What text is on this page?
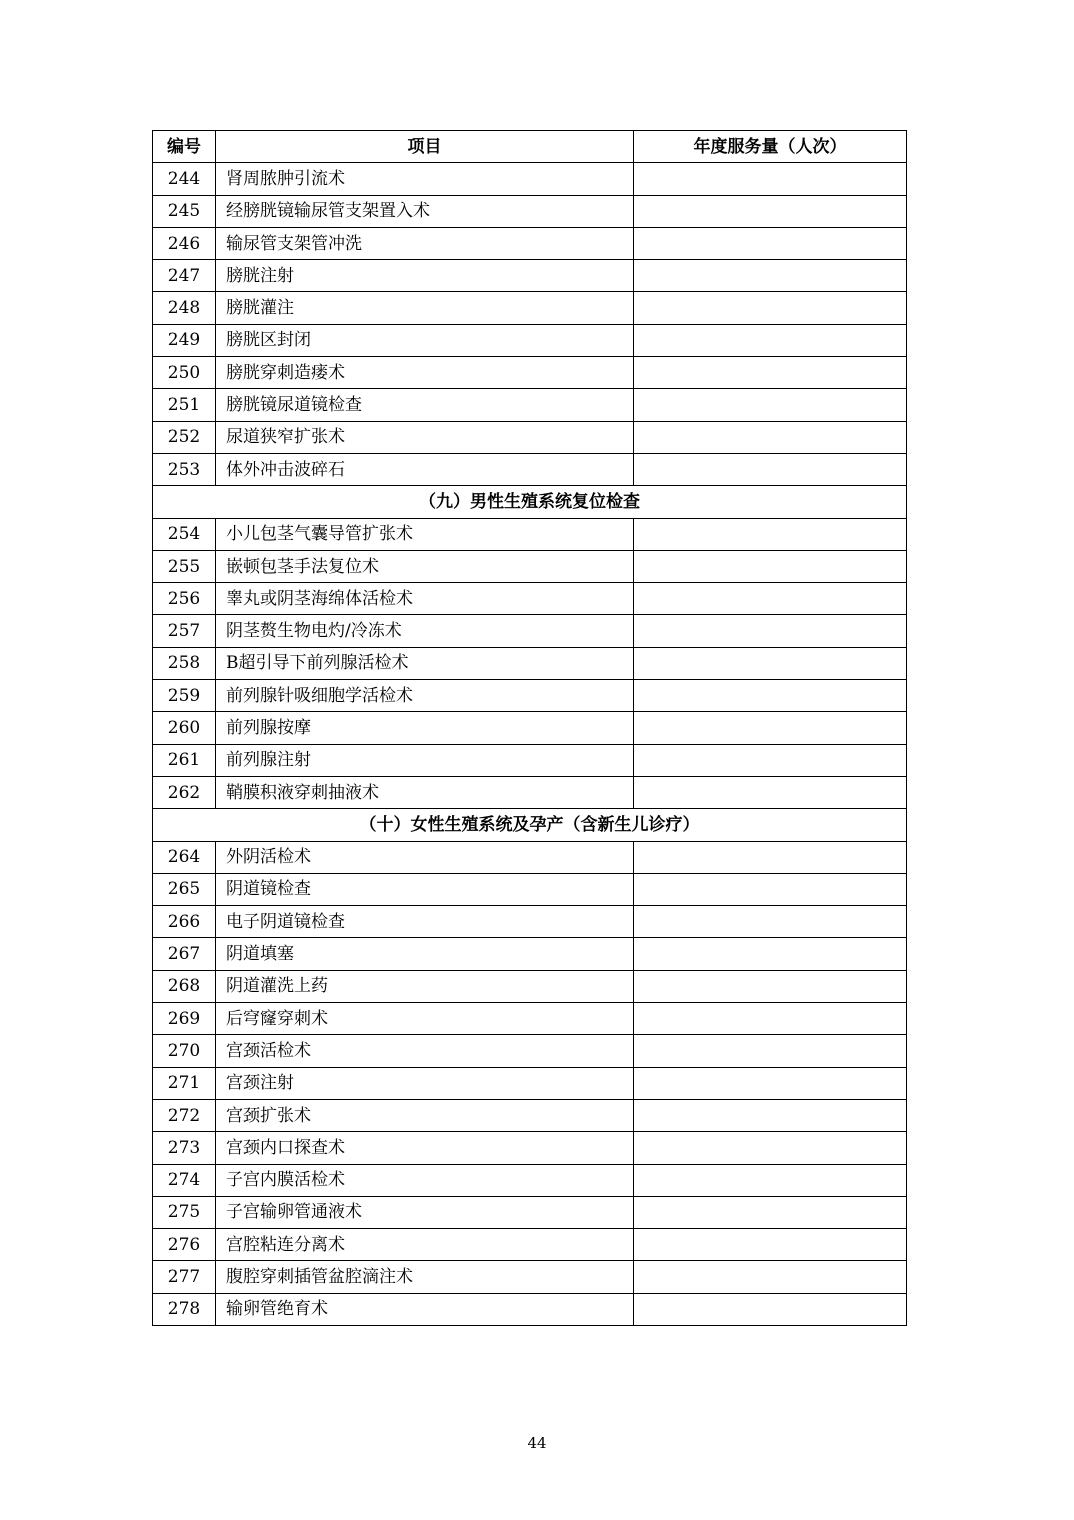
编号	项目	年度服务量（人次）
244	肾周脓肿引流术	
245	经膀胱镜输尿管支架置入术	
246	输尿管支架管冲洗	
247	膀胱注射	
248	膀胱灌注	
249	膀胱区封闭	
250	膀胱穿刺造瘘术	
251	膀胱镜尿道镜检查	
252	尿道狭窄扩张术	
253	体外冲击波碎石	
（九）男性生殖系统复位检查		
254	小儿包茎气囊导管扩张术	
255	嵌顿包茎手法复位术	
256	睾丸或阴茎海绵体活检术	
257	阴茎赘生物电灼/冷冻术	
258	B超引导下前列腺活检术	
259	前列腺针吸细胞学活检术	
260	前列腺按摩	
261	前列腺注射	
262	鞘膜积液穿刺抽液术	
（十）女性生殖系统及孕产（含新生儿诊疗）		
264	外阴活检术	
265	阴道镜检查	
266	电子阴道镜检查	
267	阴道填塞	
268	阴道灌洗上药	
269	后穹窿穿刺术	
270	宫颈活检术	
271	宫颈注射	
272	宫颈扩张术	
273	宫颈内口探查术	
274	子宫内膜活检术	
275	子宫输卵管通液术	
276	宫腔粘连分离术	
277	腹腔穿刺插管盆腔滴注术	
278	输卵管绝育术	
44
